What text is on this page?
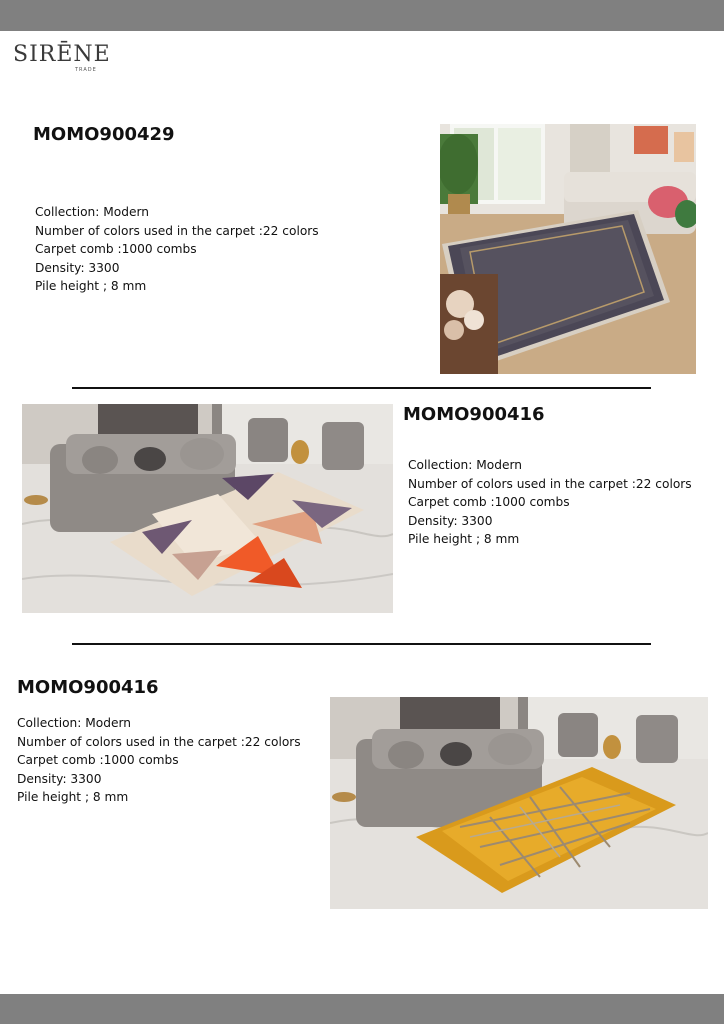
SIRĒNE
TRADE
MOMO900429
Collection: Modern
Number of colors used in the carpet :22 colors
Carpet comb :1000 combs
Density: 3300
Pile height ; 8 mm
MOMO900416
Collection: Modern
Number of colors used in the carpet :22 colors
Carpet comb :1000 combs
Density: 3300
Pile height ; 8 mm
MOMO900416
Collection: Modern
Number of colors used in the carpet :22 colors
Carpet comb :1000 combs
Density: 3300
Pile height ; 8 mm
